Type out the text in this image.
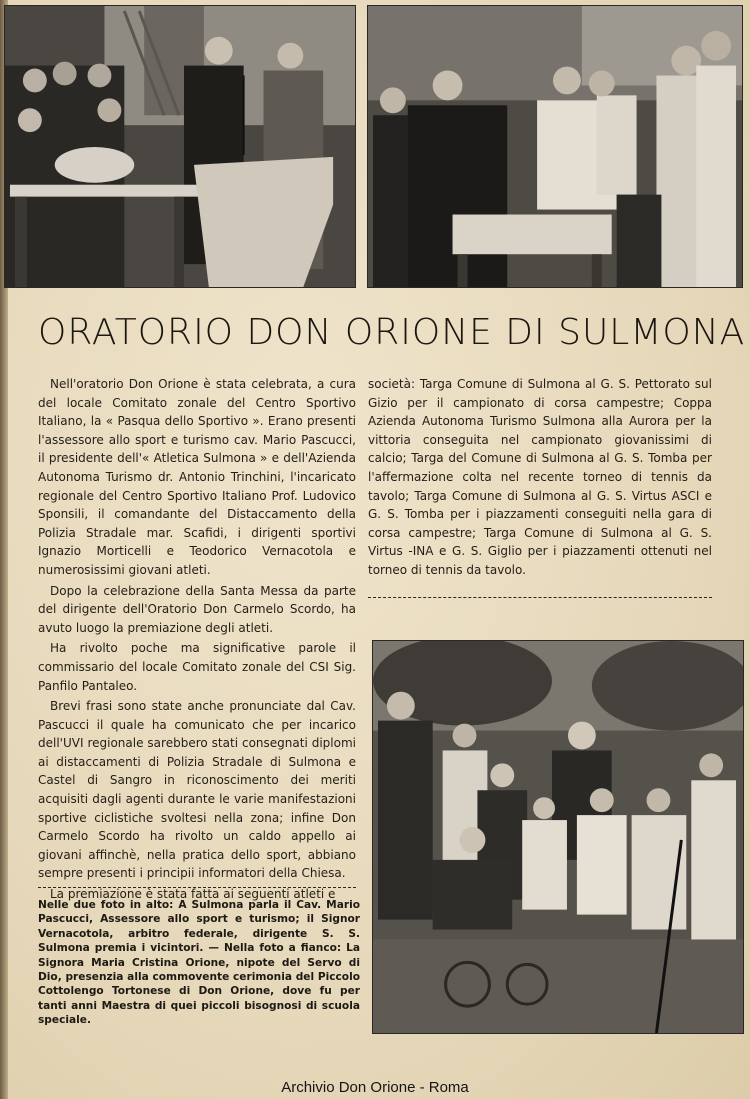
ORATORIO DON ORIONE DI SULMONA

Nell'oratorio Don Orione è stata celebrata, a cura del locale Comitato zonale del Centro Sportivo Italiano, la « Pasqua dello Sportivo ». Erano presenti l'assessore allo sport e turismo cav. Mario Pascucci, il presidente dell'« Atletica Sulmona » e dell'Azienda Autonoma Turismo dr. Antonio Trinchini, l'incaricato regionale del Centro Sportivo Italiano Prof. Ludovico Sponsili, il comandante del Distaccamento della Polizia Stradale mar. Scafidi, i dirigenti sportivi Ignazio Morticelli e Teodorico Vernacotola e numerosissimi giovani atleti.

Dopo la celebrazione della Santa Messa da parte del dirigente dell'Oratorio Don Carmelo Scordo, ha avuto luogo la premiazione degli atleti.

Ha rivolto poche ma significative parole il commissario del locale Comitato zonale del CSI Sig. Panfilo Pantaleo.

Brevi frasi sono state anche pronunciate dal Cav. Pascucci il quale ha comunicato che per incarico dell'UVI regionale sarebbero stati consegnati diplomi ai distaccamenti di Polizia Stradale di Sulmona e Castel di Sangro in riconoscimento dei meriti acquisiti dagli agenti durante le varie manifestazioni sportive ciclistiche svoltesi nella zona; infine Don Carmelo Scordo ha rivolto un caldo appello ai giovani affinchè, nella pratica dello sport, abbiano sempre presenti i principii informatori della Chiesa.

La premiazione è stata fatta ai seguenti atleti e

società: Targa Comune di Sulmona al G. S. Pettorato sul Gizio per il campionato di corsa campestre; Coppa Azienda Autonoma Turismo Sulmona alla Aurora per la vittoria conseguita nel campionato giovanissimi di calcio; Targa del Comune di Sulmona al G. S. Tomba per l'affermazione colta nel recente torneo di tennis da tavolo; Targa Comune di Sulmona al G. S. Virtus ASCI e G. S. Tomba per i piazzamenti conseguiti nella gara di corsa campestre; Targa Comune di Sulmona al G. S. Virtus -INA e G. S. Giglio per i piazzamenti ottenuti nel torneo di tennis da tavolo.

Nelle due foto in alto: A Sulmona parla il Cav. Mario Pascucci, Assessore allo sport e turismo; il Signor Vernacotola, arbitro federale, dirigente S. S. Sulmona premia i vicintori. — Nella foto a fianco: La Signora Maria Cristina Orione, nipote del Servo di Dio, presenzia alla commovente cerimonia del Piccolo Cottolengo Tortonese di Don Orione, dove fu per tanti anni Maestra di quei piccoli bisognosi di scuola speciale.
Archivio Don Orione - Roma
